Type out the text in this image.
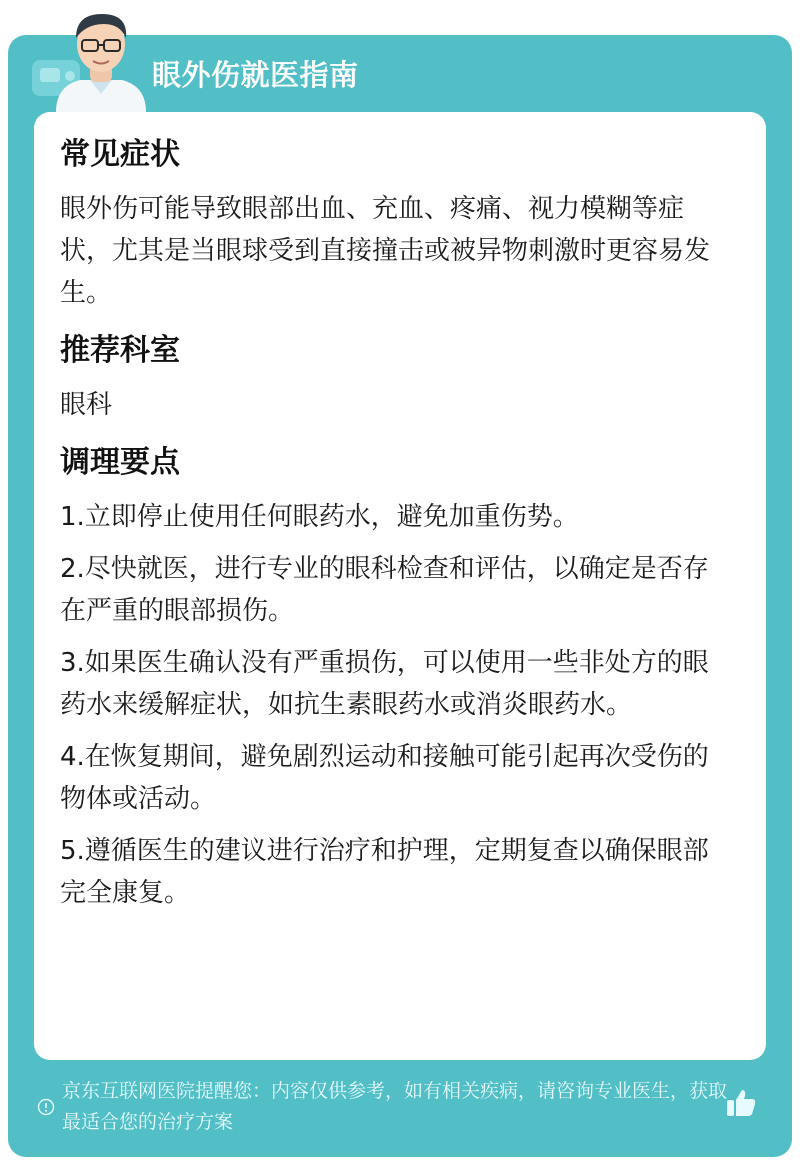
眼外伤就医指南
常见症状

眼外伤可能导致眼部出血、充血、疼痛、视力模糊等症状，尤其是当眼球受到直接撞击或被异物刺激时更容易发生。

推荐科室

眼科

调理要点

1.立即停止使用任何眼药水，避免加重伤势。

2.尽快就医，进行专业的眼科检查和评估，以确定是否存在严重的眼部损伤。

3.如果医生确认没有严重损伤，可以使用一些非处方的眼药水来缓解症状，如抗生素眼药水或消炎眼药水。

4.在恢复期间，避免剧烈运动和接触可能引起再次受伤的物体或活动。

5.遵循医生的建议进行治疗和护理，定期复查以确保眼部完全康复。

京东互联网医院提醒您：内容仅供参考，如有相关疾病，请咨询专业医生，获取最适合您的治疗方案
